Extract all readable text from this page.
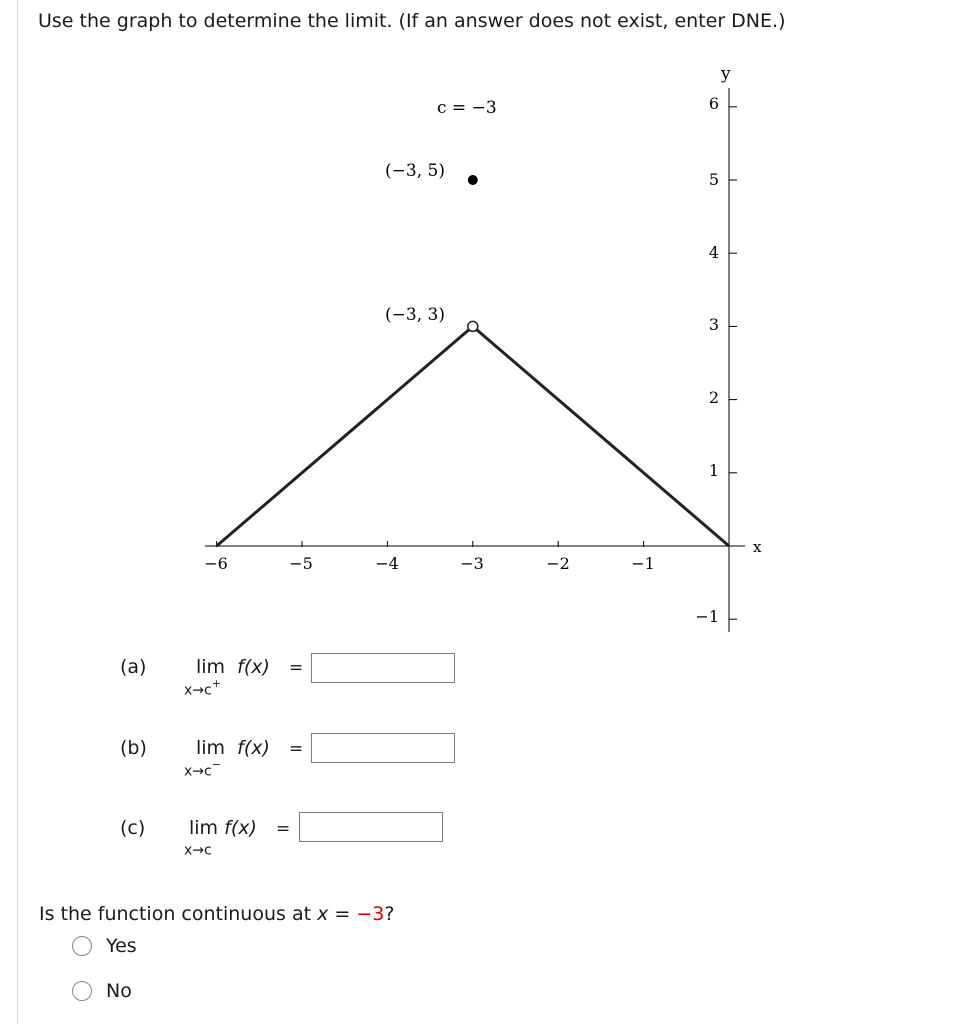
Use the graph to determine the limit. (If an answer does not exist, enter DNE.)
c = −3
(−3, 5)
(−3, 3)
x
y
−6	−5	−4	−3	−2	−1
6
5
4
3
2
1
−1
(a)	lim f(x)
x→c+
=
(b)	lim f(x)
x→c−
=
(c) lim f(x)
x→c
=
Is the function continuous at x = −3?
Yes
No
